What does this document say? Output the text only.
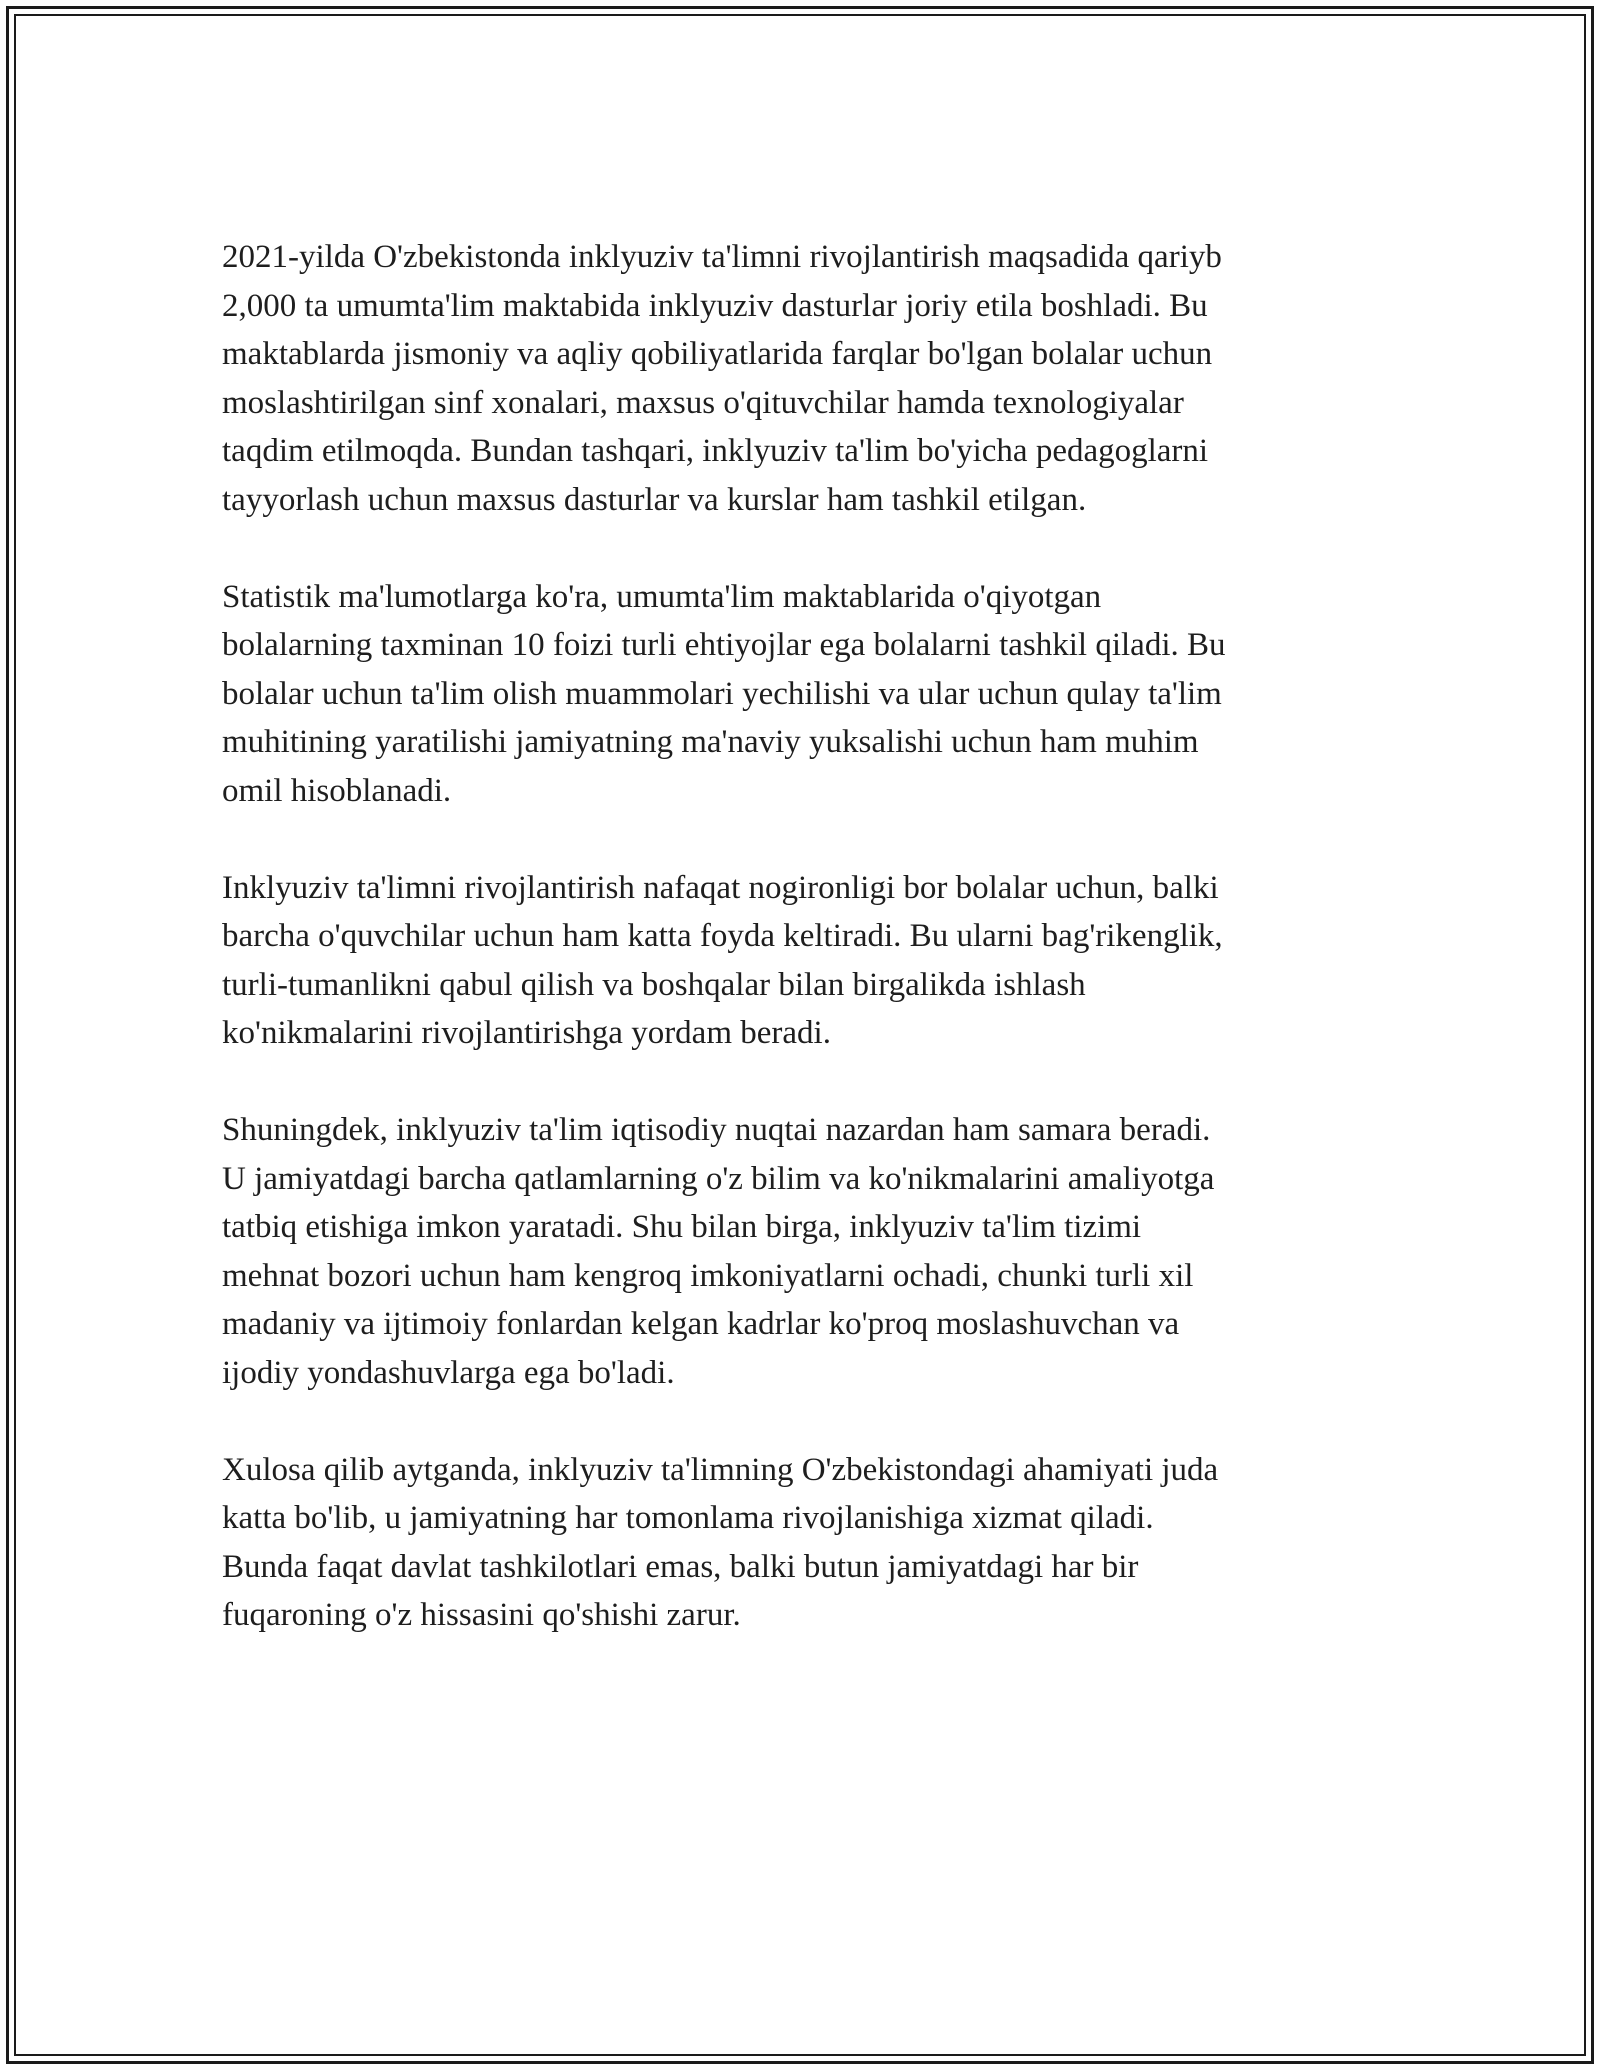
2021-yilda O'zbekistonda inklyuziv ta'limni rivojlantirish maqsadida qariyb
2,000 ta umumta'lim maktabida inklyuziv dasturlar joriy etila boshladi. Bu
maktablarda jismoniy va aqliy qobiliyatlarida farqlar bo'lgan bolalar uchun
moslashtirilgan sinf xonalari, maxsus o'qituvchilar hamda texnologiyalar
taqdim etilmoqda. Bundan tashqari, inklyuziv ta'lim bo'yicha pedagoglarni
tayyorlash uchun maxsus dasturlar va kurslar ham tashkil etilgan.

Statistik ma'lumotlarga ko'ra, umumta'lim maktablarida o'qiyotgan
bolalarning taxminan 10 foizi turli ehtiyojlar ega bolalarni tashkil qiladi. Bu
bolalar uchun ta'lim olish muammolari yechilishi va ular uchun qulay ta'lim
muhitining yaratilishi jamiyatning ma'naviy yuksalishi uchun ham muhim
omil hisoblanadi.

Inklyuziv ta'limni rivojlantirish nafaqat nogironligi bor bolalar uchun, balki
barcha o'quvchilar uchun ham katta foyda keltiradi. Bu ularni bag'rikenglik,
turli-tumanlikni qabul qilish va boshqalar bilan birgalikda ishlash
ko'nikmalarini rivojlantirishga yordam beradi.

Shuningdek, inklyuziv ta'lim iqtisodiy nuqtai nazardan ham samara beradi.
U jamiyatdagi barcha qatlamlarning o'z bilim va ko'nikmalarini amaliyotga
tatbiq etishiga imkon yaratadi. Shu bilan birga, inklyuziv ta'lim tizimi
mehnat bozori uchun ham kengroq imkoniyatlarni ochadi, chunki turli xil
madaniy va ijtimoiy fonlardan kelgan kadrlar ko'proq moslashuvchan va
ijodiy yondashuvlarga ega bo'ladi.

Xulosa qilib aytganda, inklyuziv ta'limning O'zbekistondagi ahamiyati juda
katta bo'lib, u jamiyatning har tomonlama rivojlanishiga xizmat qiladi.
Bunda faqat davlat tashkilotlari emas, balki butun jamiyatdagi har bir
fuqaroning o'z hissasini qo'shishi zarur.
